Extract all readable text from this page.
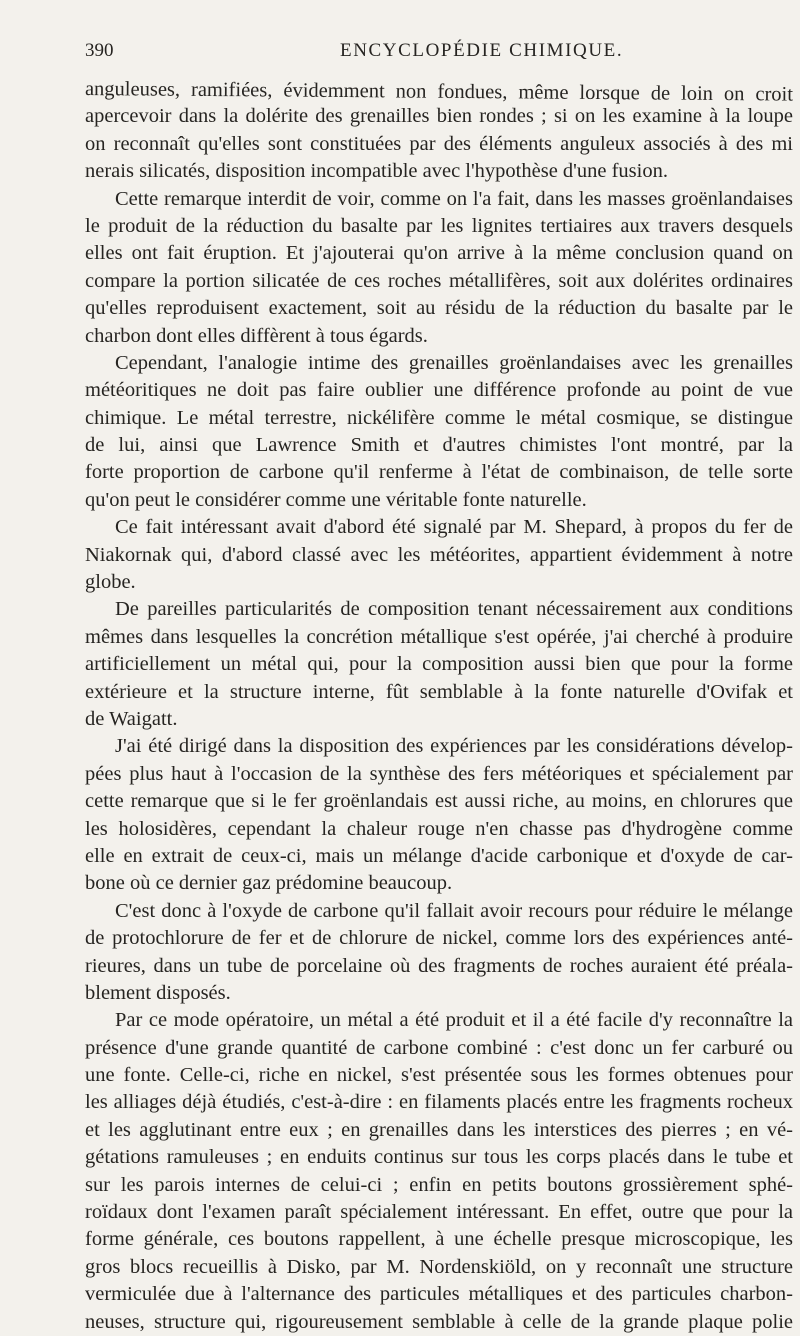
390	ENCYCLOPÉDIE CHIMIQUE.

anguleuses, ramifiées, évidemment non fondues, même lorsque de loin on croit
apercevoir dans la dolérite des grenailles bien rondes ; si on les examine à la loupe
on reconnaît qu'elles sont constituées par des éléments anguleux associés à des mi
nerais silicatés, disposition incompatible avec l'hypothèse d'une fusion.

Cette remarque interdit de voir, comme on l'a fait, dans les masses groënlandaises
le produit de la réduction du basalte par les lignites tertiaires aux travers desquels
elles ont fait éruption. Et j'ajouterai qu'on arrive à la même conclusion quand on
compare la portion silicatée de ces roches métallifères, soit aux dolérites ordinaires
qu'elles reproduisent exactement, soit au résidu de la réduction du basalte par le
charbon dont elles diffèrent à tous égards.

Cependant, l'analogie intime des grenailles groënlandaises avec les grenailles
météoritiques ne doit pas faire oublier une différence profonde au point de vue
chimique. Le métal terrestre, nickélifère comme le métal cosmique, se distingue
de lui, ainsi que Lawrence Smith et d'autres chimistes l'ont montré, par la
forte proportion de carbone qu'il renferme à l'état de combinaison, de telle sorte
qu'on peut le considérer comme une véritable fonte naturelle.

Ce fait intéressant avait d'abord été signalé par M. Shepard, à propos du fer de
Niakornak qui, d'abord classé avec les météorites, appartient évidemment à notre
globe.

De pareilles particularités de composition tenant nécessairement aux conditions
mêmes dans lesquelles la concrétion métallique s'est opérée, j'ai cherché à produire
artificiellement un métal qui, pour la composition aussi bien que pour la forme
extérieure et la structure interne, fût semblable à la fonte naturelle d'Ovifak et
de Waigatt.

J'ai été dirigé dans la disposition des expériences par les considérations dévelop-
pées plus haut à l'occasion de la synthèse des fers météoriques et spécialement par
cette remarque que si le fer groënlandais est aussi riche, au moins, en chlorures que
les holosidères, cependant la chaleur rouge n'en chasse pas d'hydrogène comme
elle en extrait de ceux-ci, mais un mélange d'acide carbonique et d'oxyde de car-
bone où ce dernier gaz prédomine beaucoup.

C'est donc à l'oxyde de carbone qu'il fallait avoir recours pour réduire le mélange
de protochlorure de fer et de chlorure de nickel, comme lors des expériences anté-
rieures, dans un tube de porcelaine où des fragments de roches auraient été préala-
blement disposés.

Par ce mode opératoire, un métal a été produit et il a été facile d'y reconnaître la
présence d'une grande quantité de carbone combiné : c'est donc un fer carburé ou
une fonte. Celle-ci, riche en nickel, s'est présentée sous les formes obtenues pour
les alliages déjà étudiés, c'est-à-dire : en filaments placés entre les fragments rocheux
et les agglutinant entre eux ; en grenailles dans les interstices des pierres ; en vé-
gétations ramuleuses ; en enduits continus sur tous les corps placés dans le tube et
sur les parois internes de celui-ci ; enfin en petits boutons grossièrement sphé-
roïdaux dont l'examen paraît spécialement intéressant. En effet, outre que pour la
forme générale, ces boutons rappellent, à une échelle presque microscopique, les
gros blocs recueillis à Disko, par M. Nordenskiöld, on y reconnaît une structure
vermiculée due à l'alternance des particules métalliques et des particules charbon-
neuses, structure qui, rigoureusement semblable à celle de la grande plaque polie
